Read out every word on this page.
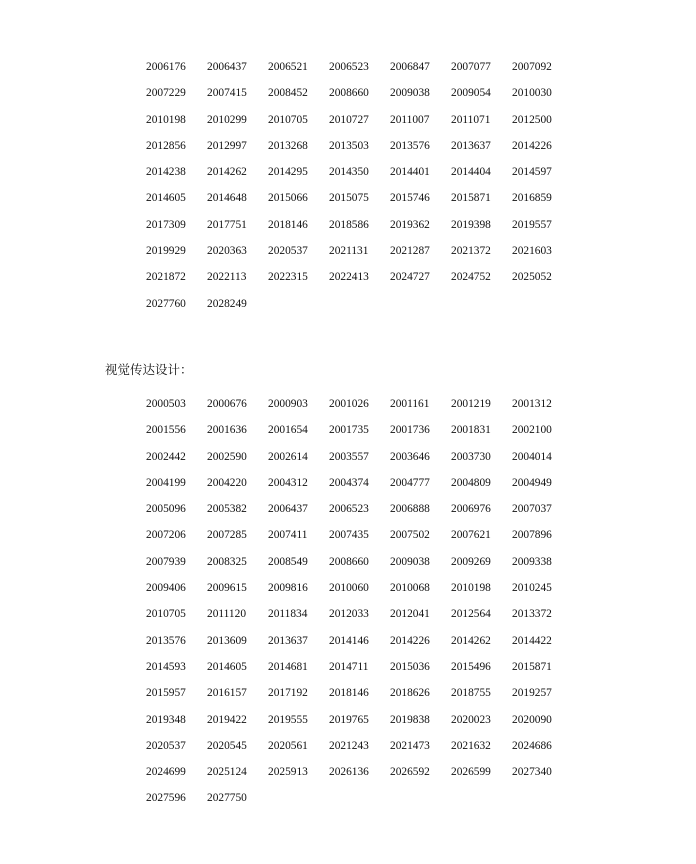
2006176	2006437	2006521	2006523	2006847	2007077	2007092
2007229	2007415	2008452	2008660	2009038	2009054	2010030
2010198	2010299	2010705	2010727	2011007	2011071	2012500
2012856	2012997	2013268	2013503	2013576	2013637	2014226
2014238	2014262	2014295	2014350	2014401	2014404	2014597
2014605	2014648	2015066	2015075	2015746	2015871	2016859
2017309	2017751	2018146	2018586	2019362	2019398	2019557
2019929	2020363	2020537	2021131	2021287	2021372	2021603
2021872	2022113	2022315	2022413	2024727	2024752	2025052
2027760	2028249
视觉传达设计：
2000503	2000676	2000903	2001026	2001161	2001219	2001312
2001556	2001636	2001654	2001735	2001736	2001831	2002100
2002442	2002590	2002614	2003557	2003646	2003730	2004014
2004199	2004220	2004312	2004374	2004777	2004809	2004949
2005096	2005382	2006437	2006523	2006888	2006976	2007037
2007206	2007285	2007411	2007435	2007502	2007621	2007896
2007939	2008325	2008549	2008660	2009038	2009269	2009338
2009406	2009615	2009816	2010060	2010068	2010198	2010245
2010705	2011120	2011834	2012033	2012041	2012564	2013372
2013576	2013609	2013637	2014146	2014226	2014262	2014422
2014593	2014605	2014681	2014711	2015036	2015496	2015871
2015957	2016157	2017192	2018146	2018626	2018755	2019257
2019348	2019422	2019555	2019765	2019838	2020023	2020090
2020537	2020545	2020561	2021243	2021473	2021632	2024686
2024699	2025124	2025913	2026136	2026592	2026599	2027340
2027596	2027750
